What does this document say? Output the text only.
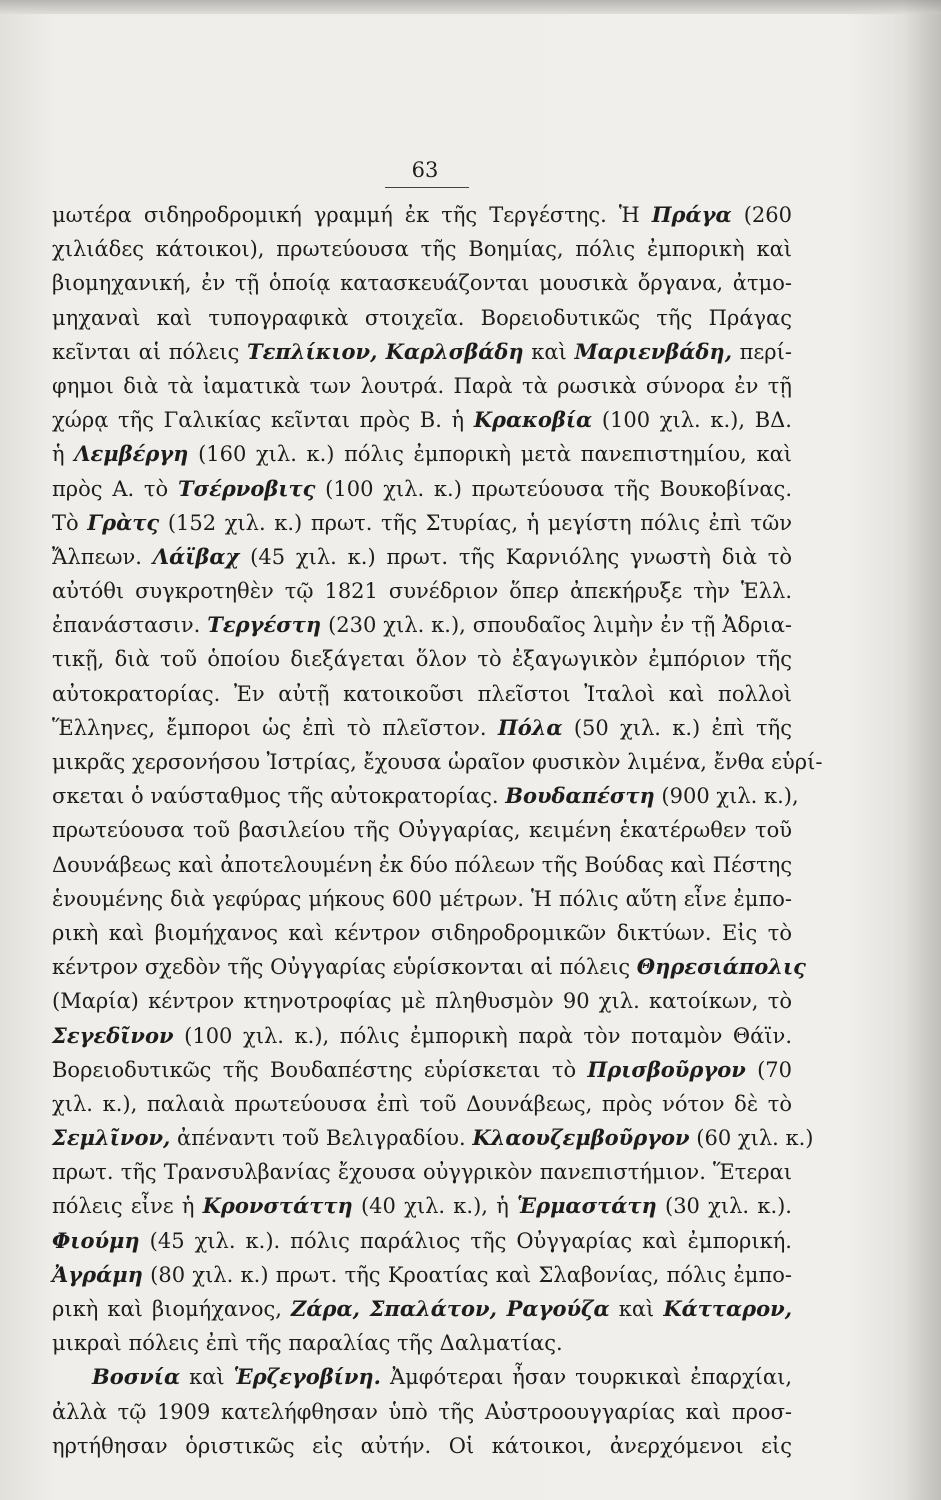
63
μωτέρα σιδηροδρομική γραμμή ἐκ τῆς Τεργέστης. Ἡ Πράγα (260
χιλιάδες κάτοικοι), πρωτεύουσα τῆς Βοημίας, πόλις ἐμπορικὴ καὶ
βιομηχανική, ἐν τῇ ὁποίᾳ κατασκευάζονται μουσικὰ ὄργανα, ἀτμο-
μηχαναὶ καὶ τυπογραφικὰ στοιχεῖα. Βορειοδυτικῶς τῆς Πράγας
κεῖνται αἱ πόλεις Τεπλίκιον, Καρλσβάδη καὶ Μαριενβάδη, περί-
φημοι διὰ τὰ ἰαματικὰ των λουτρά. Παρὰ τὰ ρωσικὰ σύνορα ἐν τῇ
χώρᾳ τῆς Γαλικίας κεῖνται πρὸς Β. ἡ Κρακοβία (100 χιλ. κ.), ΒΔ.
ἡ Λεμβέργη (160 χιλ. κ.) πόλις ἐμπορικὴ μετὰ πανεπιστημίου, καὶ
πρὸς Α. τὸ Τσέρνοβιτς (100 χιλ. κ.) πρωτεύουσα τῆς Βουκοβίνας.
Τὸ Γρὰτς (152 χιλ. κ.) πρωτ. τῆς Στυρίας, ἡ μεγίστη πόλις ἐπὶ τῶν
Ἄλπεων. Λάϊβαχ (45 χιλ. κ.) πρωτ. τῆς Καρνιόλης γνωστὴ διὰ τὸ
αὐτόθι συγκροτηθὲν τῷ 1821 συνέδριον ὅπερ ἀπεκήρυξε τὴν Ἑλλ.
ἐπανάστασιν. Τεργέστη (230 χιλ. κ.), σπουδαῖος λιμὴν ἐν τῇ Ἀδρια-
τικῇ, διὰ τοῦ ὁποίου διεξάγεται ὅλον τὸ ἐξαγωγικὸν ἐμπόριον τῆς
αὐτοκρατορίας. Ἐν αὐτῇ κατοικοῦσι πλεῖστοι Ἰταλοὶ καὶ πολλοὶ
Ἕλληνες, ἔμποροι ὡς ἐπὶ τὸ πλεῖστον. Πόλα (50 χιλ. κ.) ἐπὶ τῆς
μικρᾶς χερσονήσου Ἰστρίας, ἔχουσα ὡραῖον φυσικὸν λιμένα, ἔνθα εὑρί-
σκεται ὁ ναύσταθμος τῆς αὐτοκρατορίας. Βουδαπέστη (900 χιλ. κ.),
πρωτεύουσα τοῦ βασιλείου τῆς Οὐγγαρίας, κειμένη ἑκατέρωθεν τοῦ
Δουνάβεως καὶ ἀποτελουμένη ἐκ δύο πόλεων τῆς Βούδας καὶ Πέστης
ἑνουμένης διὰ γεφύρας μήκους 600 μέτρων. Ἡ πόλις αὕτη εἶνε ἐμπο-
ρικὴ καὶ βιομήχανος καὶ κέντρον σιδηροδρομικῶν δικτύων. Εἰς τὸ
κέντρον σχεδὸν τῆς Οὐγγαρίας εὑρίσκονται αἱ πόλεις Θηρεσιάπολις
(Μαρία) κέντρον κτηνοτροφίας μὲ πληθυσμὸν 90 χιλ. κατοίκων, τὸ
Σεγεδῖνον (100 χιλ. κ.), πόλις ἐμπορικὴ παρὰ τὸν ποταμὸν Θάϊν.
Βορειοδυτικῶς τῆς Βουδαπέστης εὑρίσκεται τὸ Πρισβοῦργον (70
χιλ. κ.), παλαιὰ πρωτεύουσα ἐπὶ τοῦ Δουνάβεως, πρὸς νότον δὲ τὸ
Σεμλῖνον, ἀπέναντι τοῦ Βελιγραδίου. Κλαουζεμβοῦργον (60 χιλ. κ.)
πρωτ. τῆς Τρανσυλβανίας ἔχουσα οὐγγρικὸν πανεπιστήμιον. Ἕτεραι
πόλεις εἶνε ἡ Κρονστάττη (40 χιλ. κ.), ἡ Ἑρμαστάτη (30 χιλ. κ.).
Φιούμη (45 χιλ. κ.). πόλις παράλιος τῆς Οὐγγαρίας καὶ ἐμπορική.
Ἀγράμη (80 χιλ. κ.) πρωτ. τῆς Κροατίας καὶ Σλαβονίας, πόλις ἐμπο-
ρικὴ καὶ βιομήχανος, Ζάρα, Σπαλάτον, Ραγούζα καὶ Κάτταρον,
μικραὶ πόλεις ἐπὶ τῆς παραλίας τῆς Δαλματίας.
Βοσνία καὶ Ἑρζεγοβίνη. Ἀμφότεραι ἦσαν τουρκικαὶ ἐπαρχίαι,
ἀλλὰ τῷ 1909 κατελήφθησαν ὑπὸ τῆς Αὐστροουγγαρίας καὶ προσ-
ηρτήθησαν ὁριστικῶς εἰς αὐτήν. Οἱ κάτοικοι, ἀνερχόμενοι εἰς
